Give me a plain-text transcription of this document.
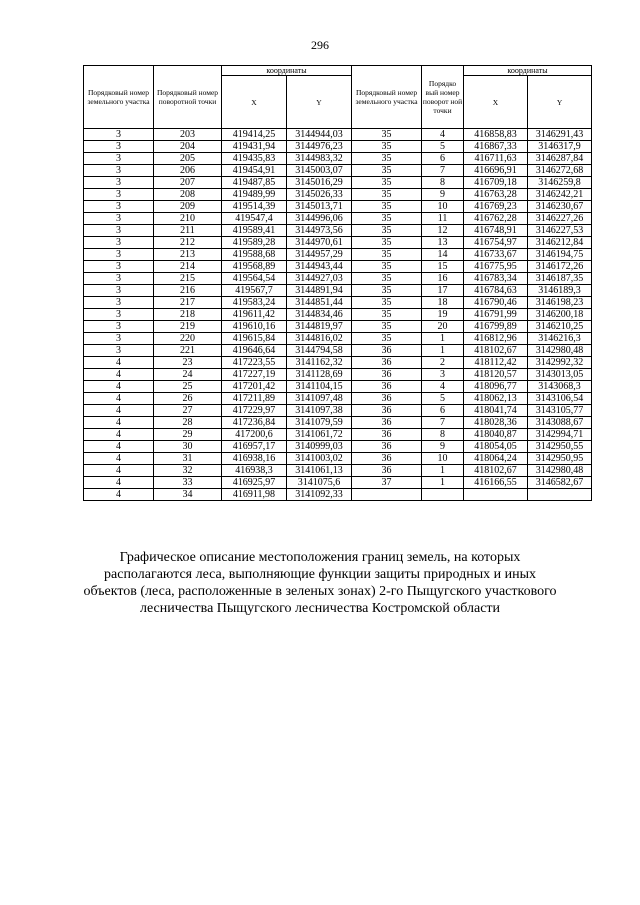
296
Порядковый номер земельного участка	Порядковый номер поворотной точки	координаты		Порядковый номер земельного участка	Порядко вый номер поворот ной точки	координаты	
		X	Y			X	Y
3	203	419414,25	3144944,03	35	4	416858,83	3146291,43
3	204	419431,94	3144976,23	35	5	416867,33	3146317,9
3	205	419435,83	3144983,32	35	6	416711,63	3146287,84
3	206	419454,91	3145003,07	35	7	416696,91	3146272,68
3	207	419487,85	3145016,29	35	8	416709,18	3146259,8
3	208	419489,99	3145026,33	35	9	416763,28	3146242,21
3	209	419514,39	3145013,71	35	10	416769,23	3146230,67
3	210	419547,4	3144996,06	35	11	416762,28	3146227,26
3	211	419589,41	3144973,56	35	12	416748,91	3146227,53
3	212	419589,28	3144970,61	35	13	416754,97	3146212,84
3	213	419588,68	3144957,29	35	14	416733,67	3146194,75
3	214	419568,89	3144943,44	35	15	416775,95	3146172,26
3	215	419564,54	3144927,03	35	16	416783,34	3146187,35
3	216	419567,7	3144891,94	35	17	416784,63	3146189,3
3	217	419583,24	3144851,44	35	18	416790,46	3146198,23
3	218	419611,42	3144834,46	35	19	416791,99	3146200,18
3	219	419610,16	3144819,97	35	20	416799,89	3146210,25
3	220	419615,84	3144816,02	35	1	416812,96	3146216,3
3	221	419646,64	3144794,58	36	1	418102,67	3142980,48
4	23	417223,55	3141162,32	36	2	418112,42	3142992,32
4	24	417227,19	3141128,69	36	3	418120,57	3143013,05
4	25	417201,42	3141104,15	36	4	418096,77	3143068,3
4	26	417211,89	3141097,48	36	5	418062,13	3143106,54
4	27	417229,97	3141097,38	36	6	418041,74	3143105,77
4	28	417236,84	3141079,59	36	7	418028,36	3143088,67
4	29	417200,6	3141061,72	36	8	418040,87	3142994,71
4	30	416957,17	3140999,03	36	9	418054,05	3142950,55
4	31	416938,16	3141003,02	36	10	418064,24	3142950,95
4	32	416938,3	3141061,13	36	1	418102,67	3142980,48
4	33	416925,97	3141075,6	37	1	416166,55	3146582,67
4	34	416911,98	3141092,33				
Графическое описание местоположения границ земель, на которых располагаются леса, выполняющие функции защиты природных и иных объектов (леса, расположенные в зеленых зонах) 2-го Пыщугского участкового лесничества Пыщугского лесничества Костромской области
